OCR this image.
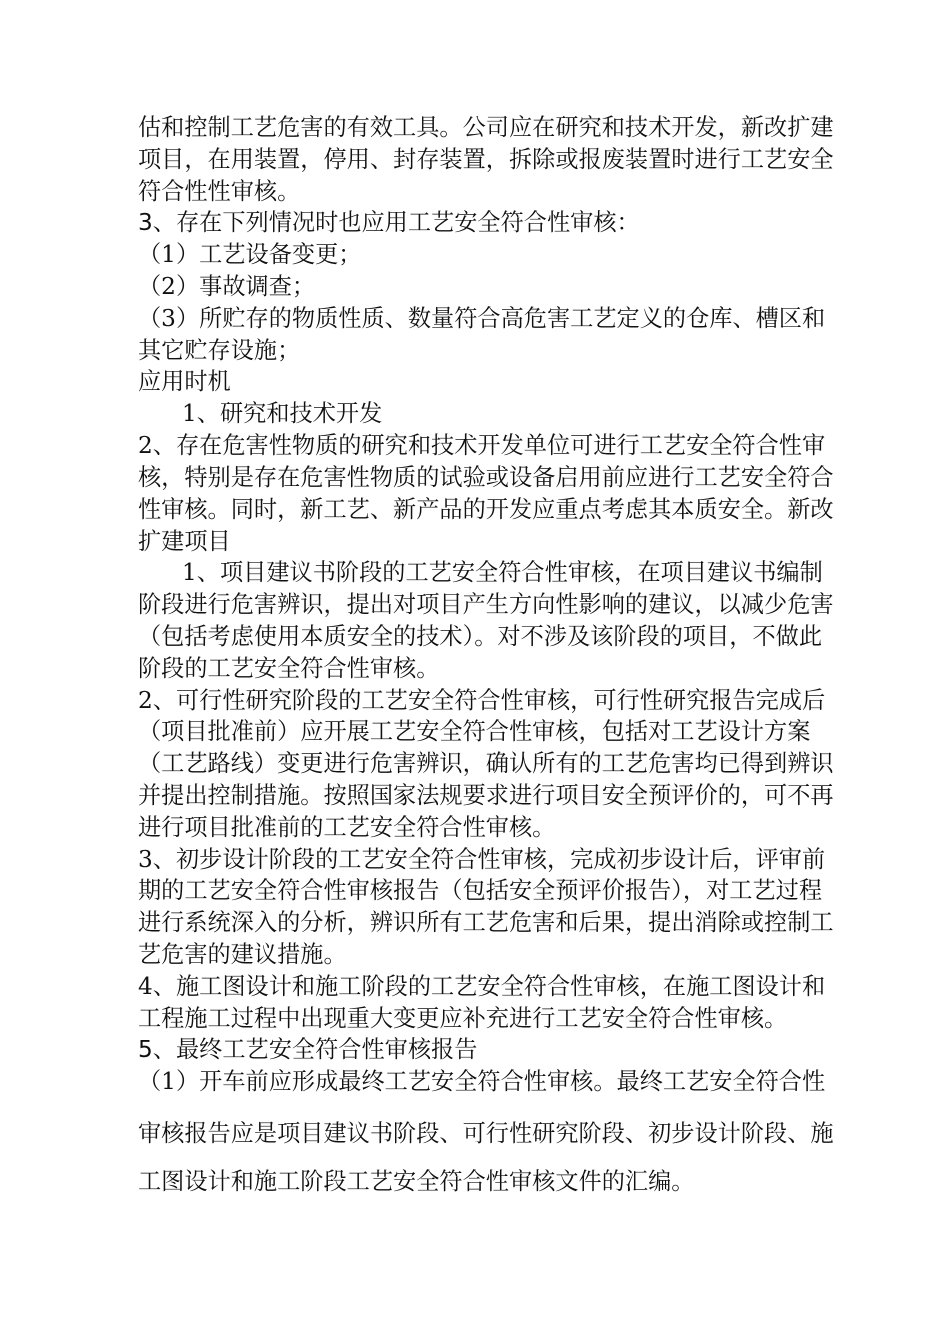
估和控制工艺危害的有效工具。公司应在研究和技术开发，新改扩建
项目，在用装置，停用、封存装置，拆除或报废装置时进行工艺安全
符合性性审核。
3、存在下列情况时也应用工艺安全符合性审核：
（1）工艺设备变更；
（2）事故调查；
（3）所贮存的物质性质、数量符合高危害工艺定义的仓库、槽区和
其它贮存设施；
应用时机
1、研究和技术开发
2、存在危害性物质的研究和技术开发单位可进行工艺安全符合性审
核，特别是存在危害性物质的试验或设备启用前应进行工艺安全符合
性审核。同时，新工艺、新产品的开发应重点考虑其本质安全。新改
扩建项目
1、项目建议书阶段的工艺安全符合性审核，在项目建议书编制
阶段进行危害辨识，提出对项目产生方向性影响的建议，以减少危害
（包括考虑使用本质安全的技术）。对不涉及该阶段的项目，不做此
阶段的工艺安全符合性审核。
2、可行性研究阶段的工艺安全符合性审核，可行性研究报告完成后
（项目批准前）应开展工艺安全符合性审核，包括对工艺设计方案
（工艺路线）变更进行危害辨识，确认所有的工艺危害均已得到辨识
并提出控制措施。按照国家法规要求进行项目安全预评价的，可不再
进行项目批准前的工艺安全符合性审核。
3、初步设计阶段的工艺安全符合性审核，完成初步设计后，评审前
期的工艺安全符合性审核报告（包括安全预评价报告），对工艺过程
进行系统深入的分析，辨识所有工艺危害和后果，提出消除或控制工
艺危害的建议措施。
4、施工图设计和施工阶段的工艺安全符合性审核，在施工图设计和
工程施工过程中出现重大变更应补充进行工艺安全符合性审核。
5、最终工艺安全符合性审核报告
（1）开车前应形成最终工艺安全符合性审核。最终工艺安全符合性
审核报告应是项目建议书阶段、可行性研究阶段、初步设计阶段、施
工图设计和施工阶段工艺安全符合性审核文件的汇编。
